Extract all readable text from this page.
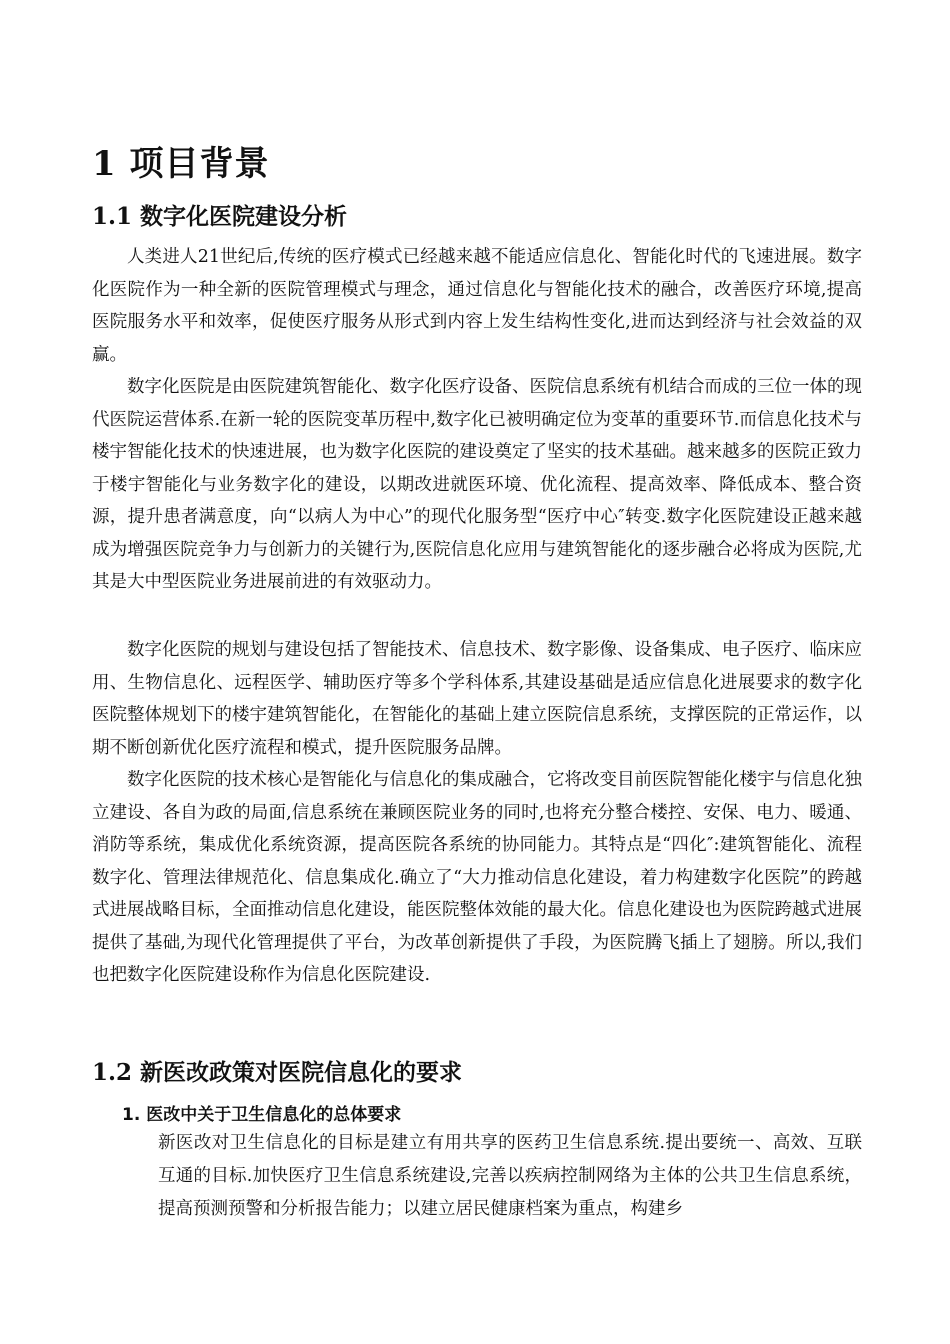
1 项目背景
1.1 数字化医院建设分析

人类进人21世纪后,传统的医疗模式已经越来越不能适应信息化、智能化时代的飞速进展。数字化医院作为一种全新的医院管理模式与理念，通过信息化与智能化技术的融合，改善医疗环境,提高医院服务水平和效率，促使医疗服务从形式到内容上发生结构性变化,进而达到经济与社会效益的双赢。

数字化医院是由医院建筑智能化、数字化医疗设备、医院信息系统有机结合而成的三位一体的现代医院运营体系.在新一轮的医院变革历程中,数字化已被明确定位为变革的重要环节.而信息化技术与楼宇智能化技术的快速进展，也为数字化医院的建设奠定了坚实的技术基础。越来越多的医院正致力于楼宇智能化与业务数字化的建设，以期改进就医环境、优化流程、提高效率、降低成本、整合资源，提升患者满意度，向“以病人为中心”的现代化服务型“医疗中心″转变.数字化医院建设正越来越成为增强医院竞争力与创新力的关键行为,医院信息化应用与建筑智能化的逐步融合必将成为医院,尤其是大中型医院业务进展前进的有效驱动力。

数字化医院的规划与建设包括了智能技术、信息技术、数字影像、设备集成、电子医疗、临床应用、生物信息化、远程医学、辅助医疗等多个学科体系,其建设基础是适应信息化进展要求的数字化医院整体规划下的楼宇建筑智能化，在智能化的基础上建立医院信息系统，支撑医院的正常运作，以期不断创新优化医疗流程和模式，提升医院服务品牌。

数字化医院的技术核心是智能化与信息化的集成融合，它将改变目前医院智能化楼宇与信息化独立建设、各自为政的局面,信息系统在兼顾医院业务的同时,也将充分整合楼控、安保、电力、暖通、消防等系统，集成优化系统资源，提高医院各系统的协同能力。其特点是“四化″:建筑智能化、流程数字化、管理法律规范化、信息集成化.确立了“大力推动信息化建设，着力构建数字化医院”的跨越式进展战略目标，全面推动信息化建设，能医院整体效能的最大化。信息化建设也为医院跨越式进展提供了基础,为现代化管理提供了平台，为改革创新提供了手段，为医院腾飞插上了翅膀。所以,我们也把数字化医院建设称作为信息化医院建设.

1.2 新医改政策对医院信息化的要求
1. 医改中关于卫生信息化的总体要求

新医改对卫生信息化的目标是建立有用共享的医药卫生信息系统.提出要统一、高效、互联互通的目标.加快医疗卫生信息系统建设,完善以疾病控制网络为主体的公共卫生信息系统，提高预测预警和分析报告能力；以建立居民健康档案为重点，构建乡
